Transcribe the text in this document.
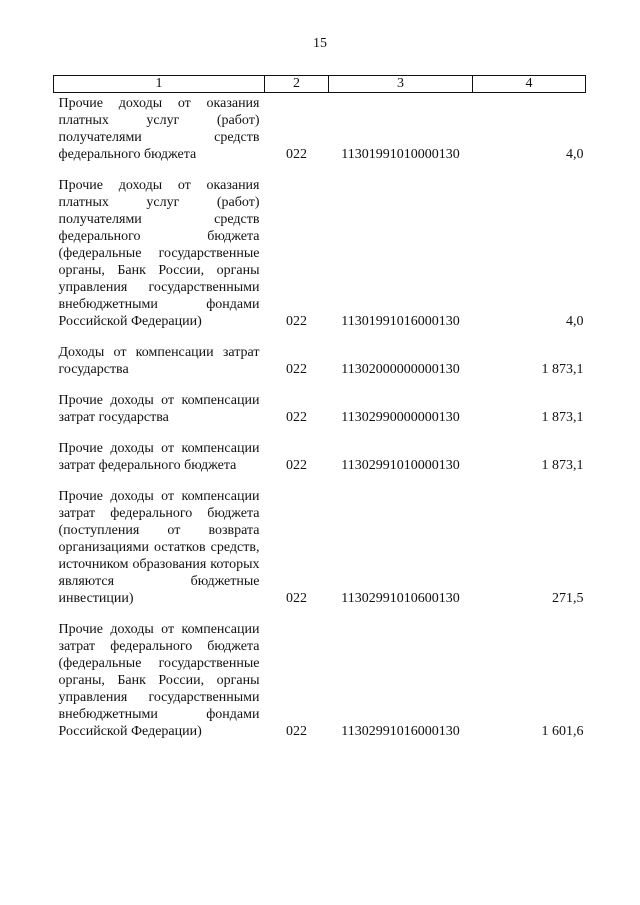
15
1	2	3	4
Прочие доходы от оказания платных услуг (работ) получателями средств федерального бюджета	022	11301991010000130	4,0
Прочие доходы от оказания платных услуг (работ) получателями средств федерального бюджета (федеральные государственные органы, Банк России, органы управления государственными внебюджетными фондами Российской Федерации)	022	11301991016000130	4,0
Доходы от компенсации затрат государства	022	11302000000000130	1 873,1
Прочие доходы от компенсации затрат государства	022	11302990000000130	1 873,1
Прочие доходы от компенсации затрат федерального бюджета	022	11302991010000130	1 873,1
Прочие доходы от компенсации затрат федерального бюджета (поступления от возврата организациями остатков средств, источником образования которых являются бюджетные инвестиции)	022	11302991010600130	271,5
Прочие доходы от компенсации затрат федерального бюджета (федеральные государственные органы, Банк России, органы управления государственными внебюджетными фондами Российской Федерации)	022	11302991016000130	1 601,6
